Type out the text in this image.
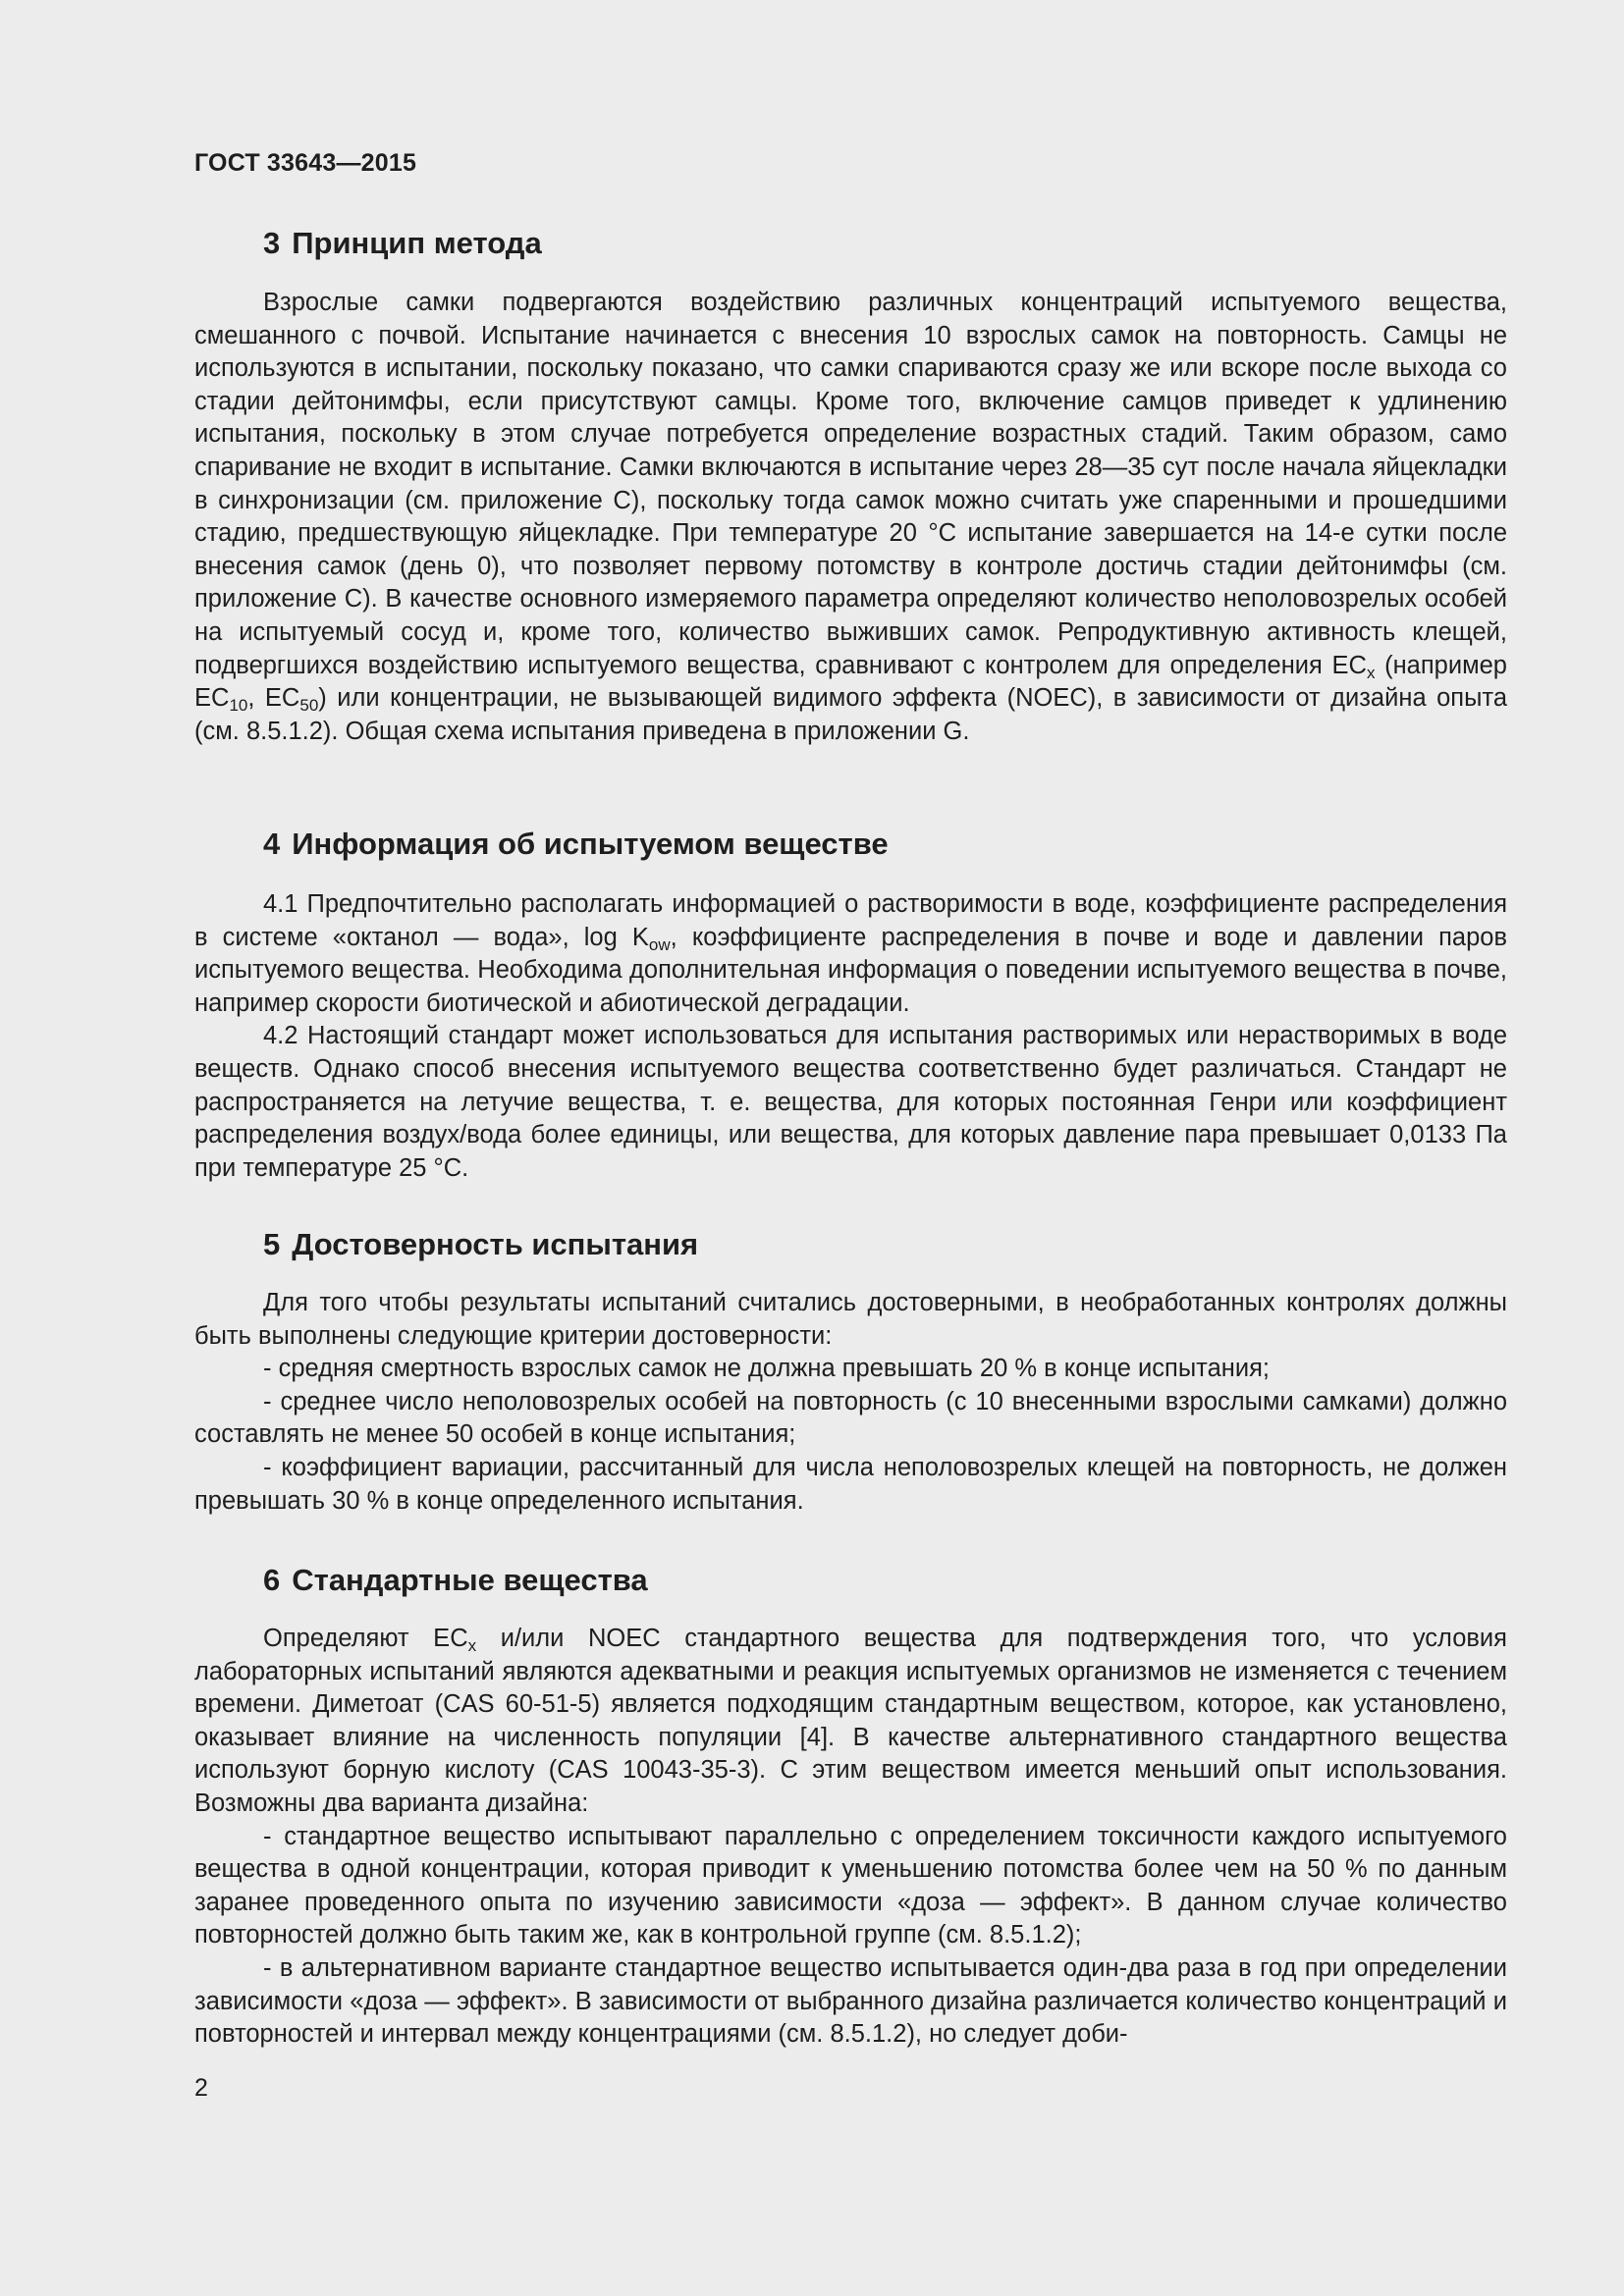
ГОСТ 33643—2015
3 Принцип метода

Взрослые самки подвергаются воздействию различных концентраций испытуемого вещества, смешанного с почвой. Испытание начинается с внесения 10 взрослых самок на повторность. Самцы не используются в испытании, поскольку показано, что самки спариваются сразу же или вскоре после выхода со стадии дейтонимфы, если присутствуют самцы. Кроме того, включение самцов приведет к удлинению испытания, поскольку в этом случае потребуется определение возрастных стадий. Таким образом, само спаривание не входит в испытание. Самки включаются в испытание через 28—35 сут после начала яйцекладки в синхронизации (см. приложение С), поскольку тогда самок можно считать уже спаренными и прошедшими стадию, предшествующую яйцекладке. При температуре 20 °С испытание завершается на 14-е сутки после внесения самок (день 0), что позволяет первому потомству в контроле достичь стадии дейтонимфы (см. приложение С). В качестве основного измеряемого параметра определяют количество неполовозрелых особей на испытуемый сосуд и, кроме того, количество выживших самок. Репродуктивную активность клещей, подвергшихся воздействию испытуемого вещества, сравнивают с контролем для определения $ЕС_x$ (например $ЕС_{10}$, $ЕС_{50}$) или концентрации, не вызывающей видимого эффекта (NOEC), в зависимости от дизайна опыта (см. 8.5.1.2). Общая схема испытания приведена в приложении G.

4 Информация об испытуемом веществе

4.1 Предпочтительно располагать информацией о растворимости в воде, коэффициенте распределения в системе «октанол — вода», $\log K_{ow}$, коэффициенте распределения в почве и воде и давлении паров испытуемого вещества. Необходима дополнительная информация о поведении испытуемого вещества в почве, например скорости биотической и абиотической деградации.

4.2 Настоящий стандарт может использоваться для испытания растворимых или нерастворимых в воде веществ. Однако способ внесения испытуемого вещества соответственно будет различаться. Стандарт не распространяется на летучие вещества, т. е. вещества, для которых постоянная Генри или коэффициент распределения воздух/вода более единицы, или вещества, для которых давление пара превышает 0,0133 Па при температуре 25 °С.

5 Достоверность испытания

Для того чтобы результаты испытаний считались достоверными, в необработанных контролях должны быть выполнены следующие критерии достоверности:

- средняя смертность взрослых самок не должна превышать 20 % в конце испытания;

- среднее число неполовозрелых особей на повторность (с 10 внесенными взрослыми самками) должно составлять не менее 50 особей в конце испытания;

- коэффициент вариации, рассчитанный для числа неполовозрелых клещей на повторность, не должен превышать 30 % в конце определенного испытания.

6 Стандартные вещества

Определяют $ЕС_x$ и/или NOEC стандартного вещества для подтверждения того, что условия лабораторных испытаний являются адекватными и реакция испытуемых организмов не изменяется с течением времени. Диметоат (CAS 60-51-5) является подходящим стандартным веществом, которое, как установлено, оказывает влияние на численность популяции [4]. В качестве альтернативного стандартного вещества используют борную кислоту (CAS 10043-35-3). С этим веществом имеется меньший опыт использования. Возможны два варианта дизайна:

- стандартное вещество испытывают параллельно с определением токсичности каждого испытуемого вещества в одной концентрации, которая приводит к уменьшению потомства более чем на 50 % по данным заранее проведенного опыта по изучению зависимости «доза — эффект». В данном случае количество повторностей должно быть таким же, как в контрольной группе (см. 8.5.1.2);

- в альтернативном варианте стандартное вещество испытывается один-два раза в год при определении зависимости «доза — эффект». В зависимости от выбранного дизайна различается количество концентраций и повторностей и интервал между концентрациями (см. 8.5.1.2), но следует доби-

2
